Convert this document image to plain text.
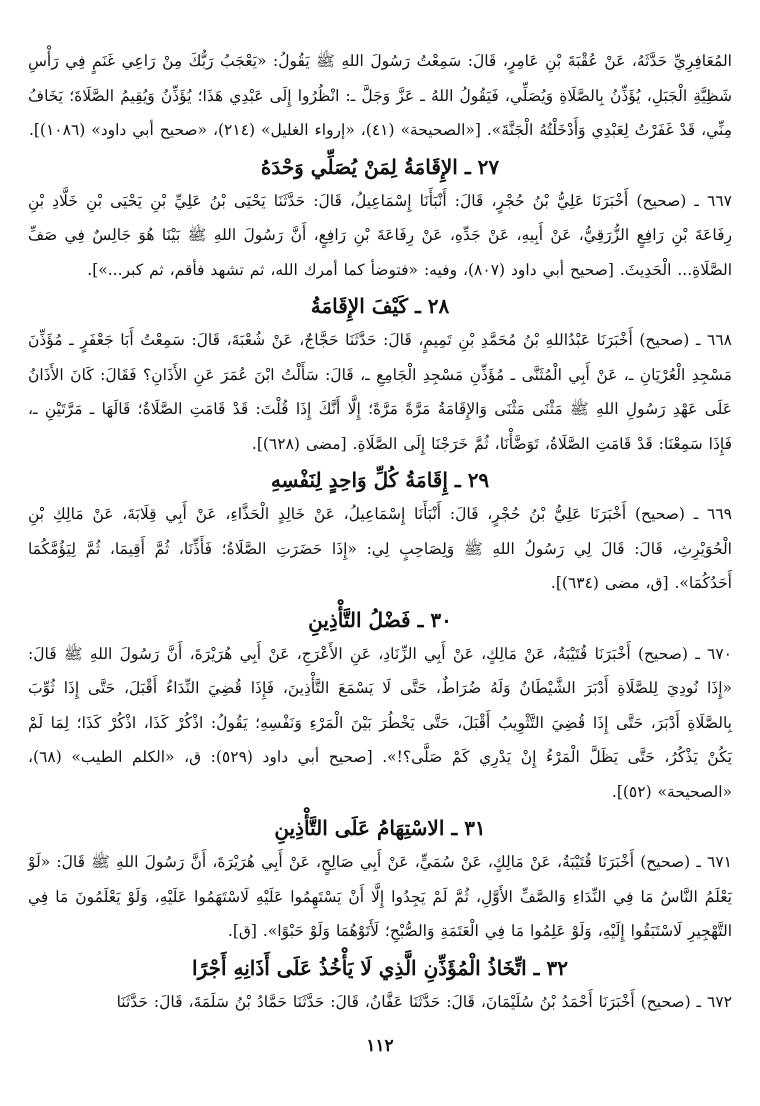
المُعَافِرِيِّ حَدَّثَهُ، عَنْ عُقْبَةَ بْنِ عَامِرٍ، قَالَ: سَمِعْتُ رَسُولَ اللهِ ﷺ يَقُولُ: «يَعْجَبُ رَبُّكَ مِنْ رَاعِي غَنَمٍ فِي رَأْسِ شَظِيَّةِ الْجَبَلِ، يُؤَذِّنُ بِالصَّلَاةِ وَيُصَلِّي، فَيَقُولُ اللهُ ـ عَزَّ وَجَلَّ ـ: انْظُرُوا إِلَى عَبْدِي هَذَا؛ يُؤَذِّنُ وَيُقِيمُ الصَّلَاةَ؛ يَخَافُ مِنِّي، قَدْ غَفَرْتُ لِعَبْدِي وَأَدْخَلْتُهُ الْجَنَّةَ». [«الصحيحة» (٤١)، «إرواء الغليل» (٢١٤)، «صحيح أبي داود» (١٠٨٦)].

٢٧ ـ الإِقَامَةُ لِمَنْ يُصَلِّي وَحْدَهُ

٦٦٧ ـ (صحيح) أَخْبَرَنَا عَلِيُّ بْنُ حُجْرٍ، قَالَ: أَنْبَأَنَا إِسْمَاعِيلُ، قَالَ: حَدَّثَنَا يَحْيَى بْنُ عَلِيِّ بْنِ يَحْيَى بْنِ خَلَّادِ بْنِ رِفَاعَةَ بْنِ رَافِعٍ الزُّرَقِيُّ، عَنْ أَبِيهِ، عَنْ جَدِّهِ، عَنْ رِفَاعَةَ بْنِ رَافِعٍ، أَنَّ رَسُولَ اللهِ ﷺ بَيْنَا هُوَ جَالِسٌ فِي صَفِّ الصَّلَاةِ... الْحَدِيثَ. [صحيح أبي داود (٨٠٧)، وفيه: «فتوضأ كما أمرك الله، ثم تشهد فأقم، ثم كبر...»].

٢٨ ـ كَيْفَ الإِقَامَةُ

٦٦٨ ـ (صحيح) أَخْبَرَنَا عَبْدُاللهِ بْنُ مُحَمَّدِ بْنِ تَمِيمٍ، قَالَ: حَدَّثَنَا حَجَّاجٌ، عَنْ شُعْبَةَ، قَالَ: سَمِعْتُ أَبَا جَعْفَرٍ ـ مُؤَذِّنَ مَسْجِدِ الْعُرْيَانِ ـ، عَنْ أَبِي الْمُثَنَّى ـ مُؤَذِّنِ مَسْجِدِ الْجَامِعِ ـ، قَالَ: سَأَلْتُ ابْنَ عُمَرَ عَنِ الأَذَانِ؟ فَقَالَ: كَانَ الأَذَانُ عَلَى عَهْدِ رَسُولِ اللهِ ﷺ مَثْنَى مَثْنَى وَالإِقَامَةُ مَرَّةً مَرَّةً؛ إِلَّا أَنَّكَ إِذَا قُلْتَ: قَدْ قَامَتِ الصَّلَاةُ؛ قَالَهَا ـ مَرَّتَيْنِ ـ، فَإِذَا سَمِعْنَا: قَدْ قَامَتِ الصَّلَاةُ، تَوَضَّأْنَا، ثُمَّ خَرَجْنَا إِلَى الصَّلَاةِ. [مضى (٦٢٨)].

٢٩ ـ إِقَامَةُ كُلِّ وَاحِدٍ لِنَفْسِهِ

٦٦٩ ـ (صحيح) أَخْبَرَنَا عَلِيُّ بْنُ حُجْرٍ، قَالَ: أَنْبَأَنَا إِسْمَاعِيلُ، عَنْ خَالِدٍ الْحَذَّاءِ، عَنْ أَبِي قِلَابَةَ، عَنْ مَالِكِ بْنِ الْحُوَيْرِثِ، قَالَ: قَالَ لِي رَسُولُ اللهِ ﷺ وَلِصَاحِبٍ لِي: «إِذَا حَضَرَتِ الصَّلَاةُ؛ فَأَذِّنَا، ثُمَّ أَقِيمَا، ثُمَّ لِيَؤُمَّكُمَا أَحَدُكُمَا». [ق، مضى (٦٣٤)].

٣٠ ـ فَضْلُ التَّأْذِينِ

٦٧٠ ـ (صحيح) أَخْبَرَنَا قُتَيْبَةُ، عَنْ مَالِكٍ، عَنْ أَبِي الزِّنَادِ، عَنِ الأَعْرَجِ، عَنْ أَبِي هُرَيْرَةَ، أَنَّ رَسُولَ اللهِ ﷺ قَالَ: «إِذَا نُودِيَ لِلصَّلَاةِ أَدْبَرَ الشَّيْطَانُ وَلَهُ ضُرَاطٌ، حَتَّى لَا يَسْمَعَ التَّأْذِينَ، فَإِذَا قُضِيَ النِّدَاءُ أَقْبَلَ، حَتَّى إِذَا ثُوِّبَ بِالصَّلَاةِ أَدْبَرَ، حَتَّى إِذَا قُضِيَ التَّثْوِيبُ أَقْبَلَ، حَتَّى يَخْطُرَ بَيْنَ الْمَرْءِ وَنَفْسِهِ؛ يَقُولُ: اذْكُرْ كَذَا، اذْكُرْ كَذَا؛ لِمَا لَمْ يَكُنْ يَذْكُرُ، حَتَّى يَظَلَّ الْمَرْءُ إِنْ يَدْرِي كَمْ صَلَّى؟!». [صحيح أبي داود (٥٢٩): ق، «الكلم الطيب» (٦٨)، «الصحيحة» (٥٢)].

٣١ ـ الاسْتِهَامُ عَلَى التَّأْذِينِ

٦٧١ ـ (صحيح) أَخْبَرَنَا قُتَيْبَةُ، عَنْ مَالِكٍ، عَنْ سُمَيٍّ، عَنْ أَبِي صَالِحٍ، عَنْ أَبِي هُرَيْرَةَ، أَنَّ رَسُولَ اللهِ ﷺ قَالَ: «لَوْ يَعْلَمُ النَّاسُ مَا فِي النِّدَاءِ وَالصَّفِّ الأَوَّلِ، ثُمَّ لَمْ يَجِدُوا إِلَّا أَنْ يَسْتَهِمُوا عَلَيْهِ لَاسْتَهَمُوا عَلَيْهِ، وَلَوْ يَعْلَمُونَ مَا فِي التَّهْجِيرِ لَاسْتَبَقُوا إِلَيْهِ، وَلَوْ عَلِمُوا مَا فِي الْعَتَمَةِ وَالصُّبْحِ؛ لَأَتَوْهُمَا وَلَوْ حَبْوًا». [ق].

٣٢ ـ اتِّخَاذُ الْمُؤَذِّنِ الَّذِي لَا يَأْخُذُ عَلَى أَذَانِهِ أَجْرًا

٦٧٢ ـ (صحيح) أَخْبَرَنَا أَحْمَدُ بْنُ سُلَيْمَانَ، قَالَ: حَدَّثَنَا عَفَّانُ، قَالَ: حَدَّثَنَا حَمَّادُ بْنُ سَلَمَةَ، قَالَ: حَدَّثَنَا

١١٢
